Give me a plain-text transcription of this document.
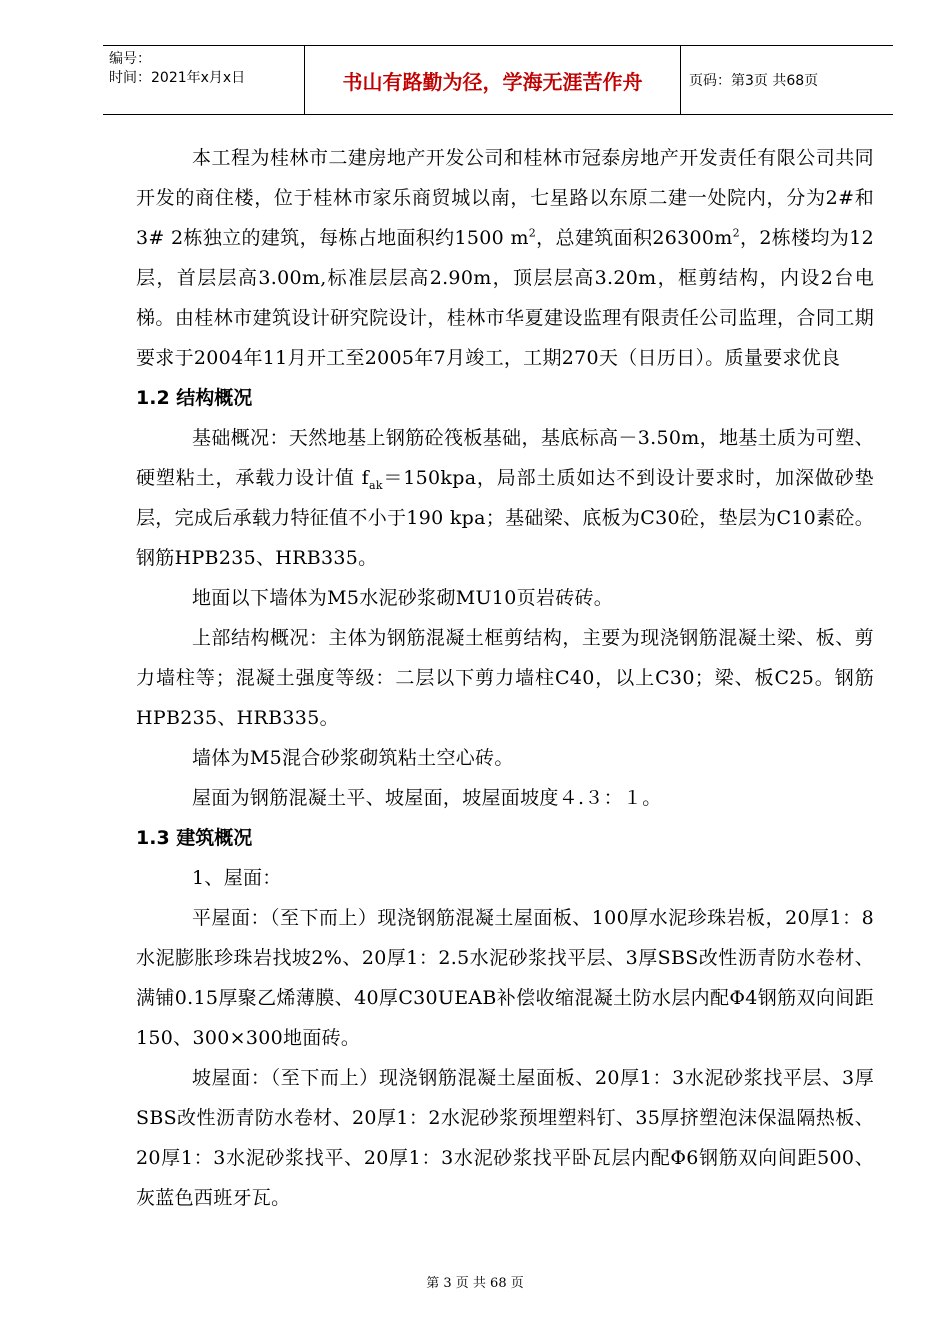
编号：
时间：2021年x月x日	书山有路勤为径，学海无涯苦作舟	页码：第3页 共68页

本工程为桂林市二建房地产开发公司和桂林市冠泰房地产开发责任有限公司共同开发的商住楼，位于桂林市家乐商贸城以南，七星路以东原二建一处院内，分为2#和3# 2栋独立的建筑，每栋占地面积约1500 $m^2$，总建筑面积$26300m^2$，2栋楼均为12层，首层层高3.00m,标准层层高2.90m，顶层层高3.20m，框剪结构，内设2台电梯。由桂林市建筑设计研究院设计，桂林市华夏建设监理有限责任公司监理，合同工期要求于2004年11月开工至2005年7月竣工，工期270天（日历日）。质量要求优良

1.2 结构概况

基础概况：天然地基上钢筋砼筏板基础，基底标高－3.50m，地基土质为可塑、硬塑粘土，承载力设计值 $f_{ak}=150kpa$，局部土质如达不到设计要求时，加深做砂垫层，完成后承载力特征值不小于190 kpa；基础梁、底板为C30砼，垫层为C10素砼。钢筋HPB235、HRB335。

地面以下墙体为M5水泥砂浆砌MU10页岩砖砖。

上部结构概况：主体为钢筋混凝土框剪结构，主要为现浇钢筋混凝土梁、板、剪力墙柱等；混凝土强度等级：二层以下剪力墙柱C40，以上C30；梁、板C25。钢筋HPB235、HRB335。

墙体为M5混合砂浆砌筑粘土空心砖。

屋面为钢筋混凝土平、坡屋面，坡屋面坡度４.３：１。

1.3 建筑概况

1、屋面：

平屋面：（至下而上）现浇钢筋混凝土屋面板、100厚水泥珍珠岩板，20厚1：8水泥膨胀珍珠岩找坡2%、20厚1：2.5水泥砂浆找平层、3厚SBS改性沥青防水卷材、满铺0.15厚聚乙烯薄膜、40厚C30UEAB补偿收缩混凝土防水层内配Φ4钢筋双向间距150、300×300地面砖。

坡屋面：（至下而上）现浇钢筋混凝土屋面板、20厚1：3水泥砂浆找平层、3厚SBS改性沥青防水卷材、20厚1：2水泥砂浆预埋塑料钉、35厚挤塑泡沫保温隔热板、20厚1：3水泥砂浆找平、20厚1：3水泥砂浆找平卧瓦层内配Φ6钢筋双向间距500、灰蓝色西班牙瓦。

第 3 页 共 68 页
